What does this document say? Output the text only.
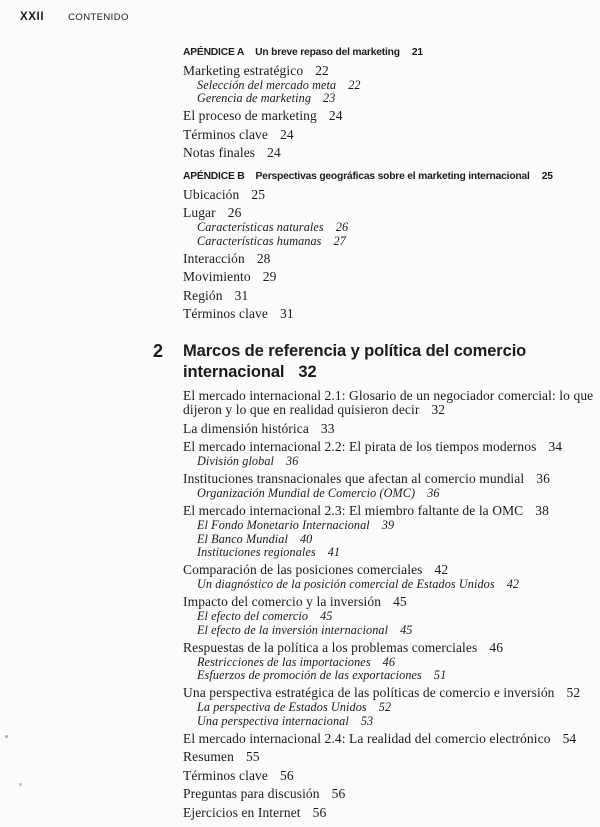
XXII	CONTENIDO
APÉNDICE A Un breve repaso del marketing 21
Marketing estratégico 22
Selección del mercado meta 22
Gerencia de marketing 23
El proceso de marketing 24
Términos clave 24
Notas finales 24
APÉNDICE B Perspectivas geográficas sobre el marketing internacional 25
Ubicación 25
Lugar 26
Características naturales 26
Características humanas 27
Interacción 28
Movimiento 29
Región 31
Términos clave 31
2 Marcos de referencia y política del comercio internacional 32
El mercado internacional 2.1: Glosario de un negociador comercial: lo que dijeron y lo que en realidad quisieron decir 32
La dimensión histórica 33
El mercado internacional 2.2: El pirata de los tiempos modernos 34
División global 36
Instituciones transnacionales que afectan al comercio mundial 36
Organización Mundial de Comercio (OMC) 36
El mercado internacional 2.3: El miembro faltante de la OMC 38
El Fondo Monetario Internacional 39
El Banco Mundial 40
Instituciones regionales 41
Comparación de las posiciones comerciales 42
Un diagnóstico de la posición comercial de Estados Unidos 42
Impacto del comercio y la inversión 45
El efecto del comercio 45
El efecto de la inversión internacional 45
Respuestas de la política a los problemas comerciales 46
Restricciones de las importaciones 46
Esfuerzos de promoción de las exportaciones 51
Una perspectiva estratégica de las políticas de comercio e inversión 52
La perspectiva de Estados Unidos 52
Una perspectiva internacional 53
El mercado internacional 2.4: La realidad del comercio electrónico 54
Resumen 55
Términos clave 56
Preguntas para discusión 56
Ejercicios en Internet 56
